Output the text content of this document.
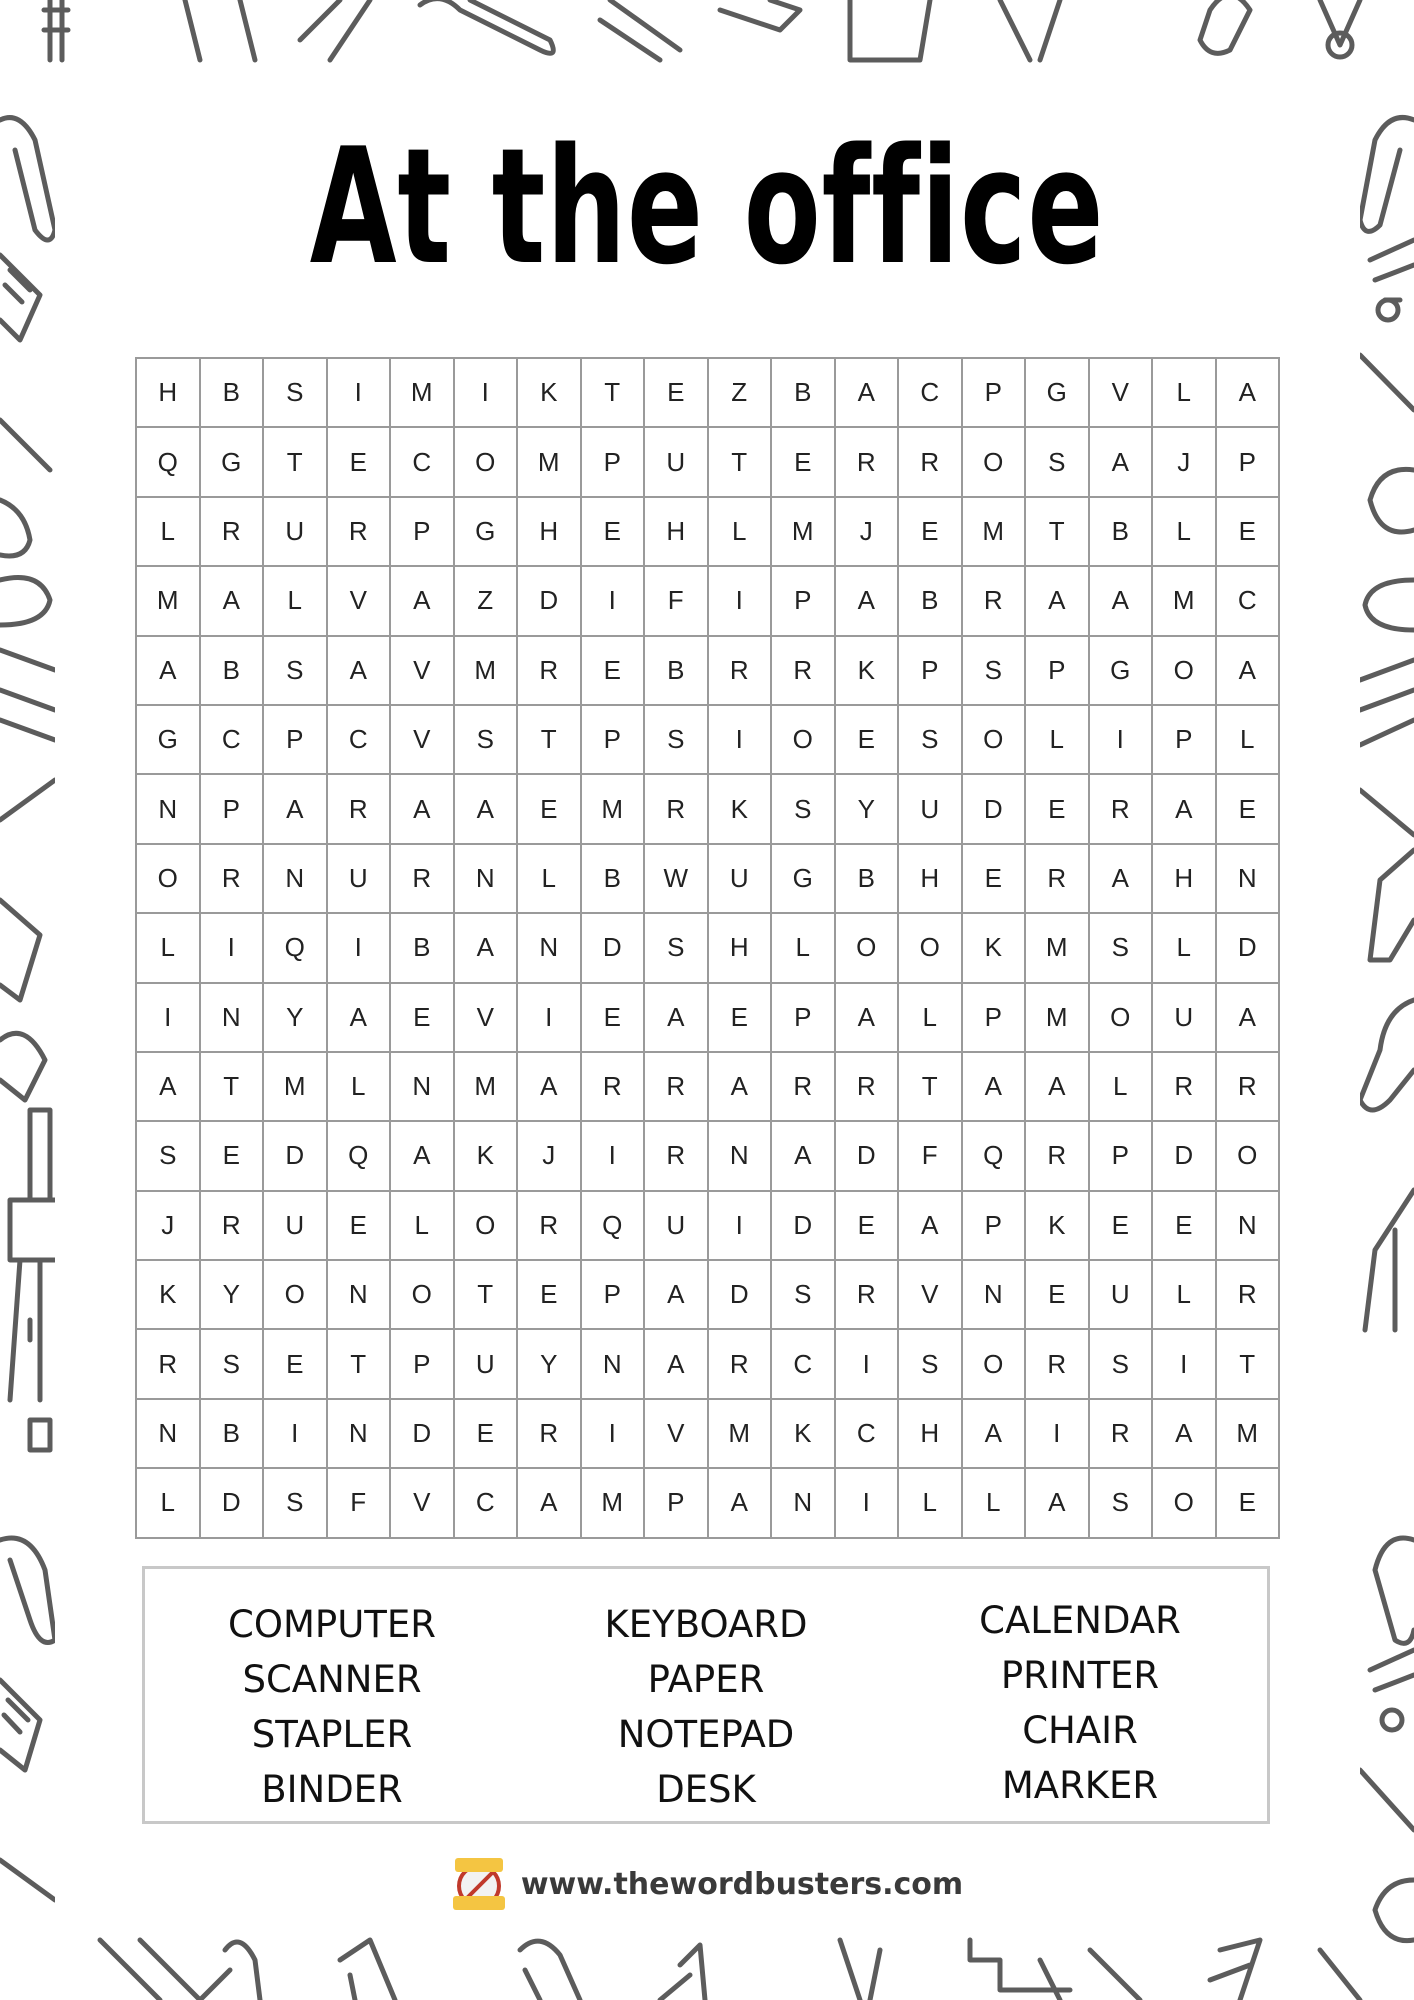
At the office
H	B	S	I	M	I	K	T	E	Z	B	A	C	P	G	V	L	A
Q	G	T	E	C	O	M	P	U	T	E	R	R	O	S	A	J	P
L	R	U	R	P	G	H	E	H	L	M	J	E	M	T	B	L	E
M	A	L	V	A	Z	D	I	F	I	P	A	B	R	A	A	M	C
A	B	S	A	V	M	R	E	B	R	R	K	P	S	P	G	O	A
G	C	P	C	V	S	T	P	S	I	O	E	S	O	L	I	P	L
N	P	A	R	A	A	E	M	R	K	S	Y	U	D	E	R	A	E
O	R	N	U	R	N	L	B	W	U	G	B	H	E	R	A	H	N
L	I	Q	I	B	A	N	D	S	H	L	O	O	K	M	S	L	D
I	N	Y	A	E	V	I	E	A	E	P	A	L	P	M	O	U	A
A	T	M	L	N	M	A	R	R	A	R	R	T	A	A	L	R	R
S	E	D	Q	A	K	J	I	R	N	A	D	F	Q	R	P	D	O
J	R	U	E	L	O	R	Q	U	I	D	E	A	P	K	E	E	N
K	Y	O	N	O	T	E	P	A	D	S	R	V	N	E	U	L	R
R	S	E	T	P	U	Y	N	A	R	C	I	S	O	R	S	I	T
N	B	I	N	D	E	R	I	V	M	K	C	H	A	I	R	A	M
L	D	S	F	V	C	A	M	P	A	N	I	L	L	A	S	O	E
COMPUTER
SCANNER
STAPLER
BINDER
KEYBOARD
PAPER
NOTEPAD
DESK
CALENDAR
PRINTER
CHAIR
MARKER
www.thewordbusters.com
